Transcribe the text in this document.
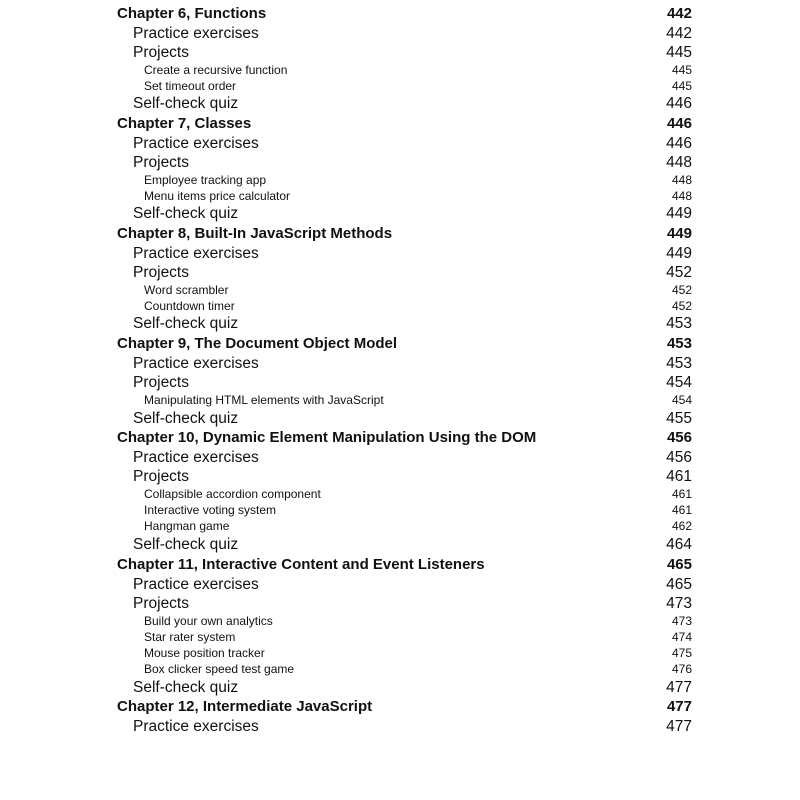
Chapter 6, Functions	442
Practice exercises	442
Projects	445
Create a recursive function	445
Set timeout order	445
Self-check quiz	446
Chapter 7, Classes	446
Practice exercises	446
Projects	448
Employee tracking app	448
Menu items price calculator	448
Self-check quiz	449
Chapter 8, Built-In JavaScript Methods	449
Practice exercises	449
Projects	452
Word scrambler	452
Countdown timer	452
Self-check quiz	453
Chapter 9, The Document Object Model	453
Practice exercises	453
Projects	454
Manipulating HTML elements with JavaScript	454
Self-check quiz	455
Chapter 10, Dynamic Element Manipulation Using the DOM	456
Practice exercises	456
Projects	461
Collapsible accordion component	461
Interactive voting system	461
Hangman game	462
Self-check quiz	464
Chapter 11, Interactive Content and Event Listeners	465
Practice exercises	465
Projects	473
Build your own analytics	473
Star rater system	474
Mouse position tracker	475
Box clicker speed test game	476
Self-check quiz	477
Chapter 12, Intermediate JavaScript	477
Practice exercises	477
